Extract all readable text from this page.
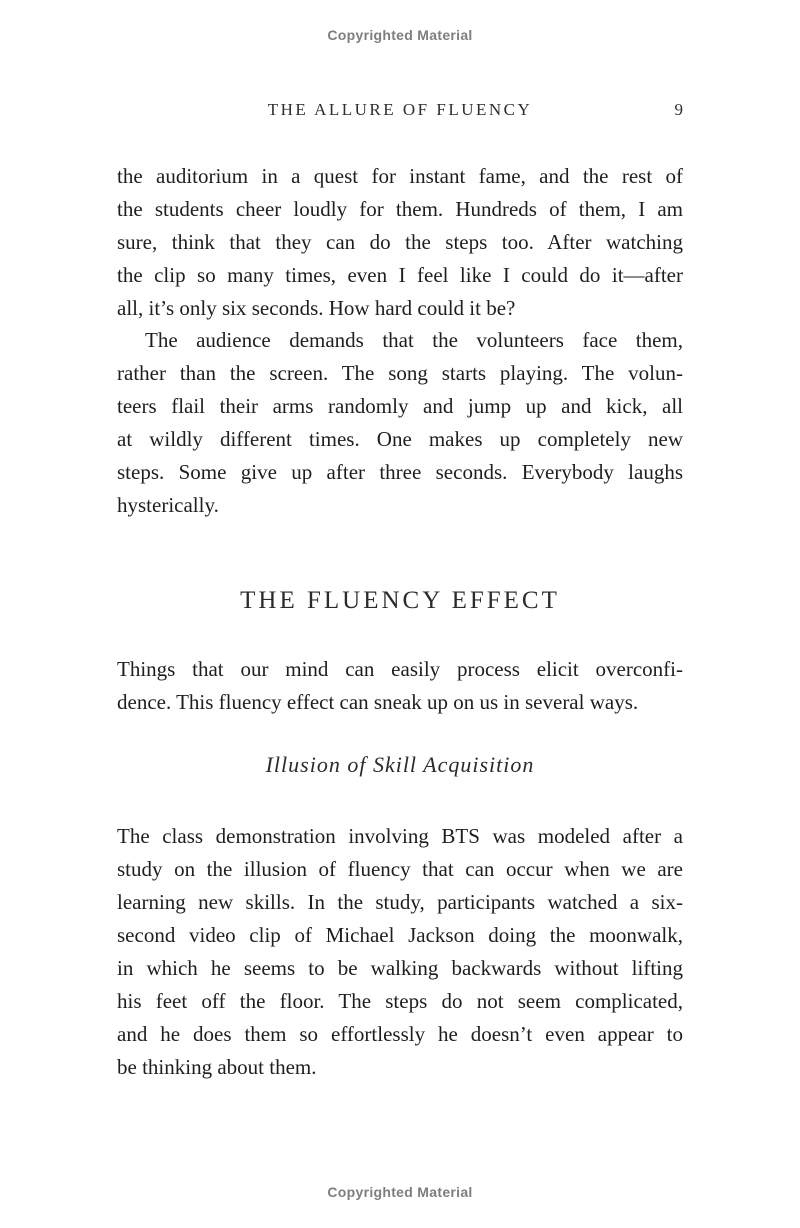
Copyrighted Material
THE ALLURE OF FLUENCY	9
the auditorium in a quest for instant fame, and the rest of
the students cheer loudly for them. Hundreds of them, I am
sure, think that they can do the steps too. After watching
the clip so many times, even I feel like I could do it—after
all, it’s only six seconds. How hard could it be?
The audience demands that the volunteers face them,
rather than the screen. The song starts playing. The volun-
teers flail their arms randomly and jump up and kick, all
at wildly different times. One makes up completely new
steps. Some give up after three seconds. Everybody laughs
hysterically.
THE FLUENCY EFFECT
Things that our mind can easily process elicit overconfi-
dence. This fluency effect can sneak up on us in several ways.
Illusion of Skill Acquisition
The class demonstration involving BTS was modeled after a
study on the illusion of fluency that can occur when we are
learning new skills. In the study, participants watched a six-
second video clip of Michael Jackson doing the moonwalk,
in which he seems to be walking backwards without lifting
his feet off the floor. The steps do not seem complicated,
and he does them so effortlessly he doesn’t even appear to
be thinking about them.
Copyrighted Material
